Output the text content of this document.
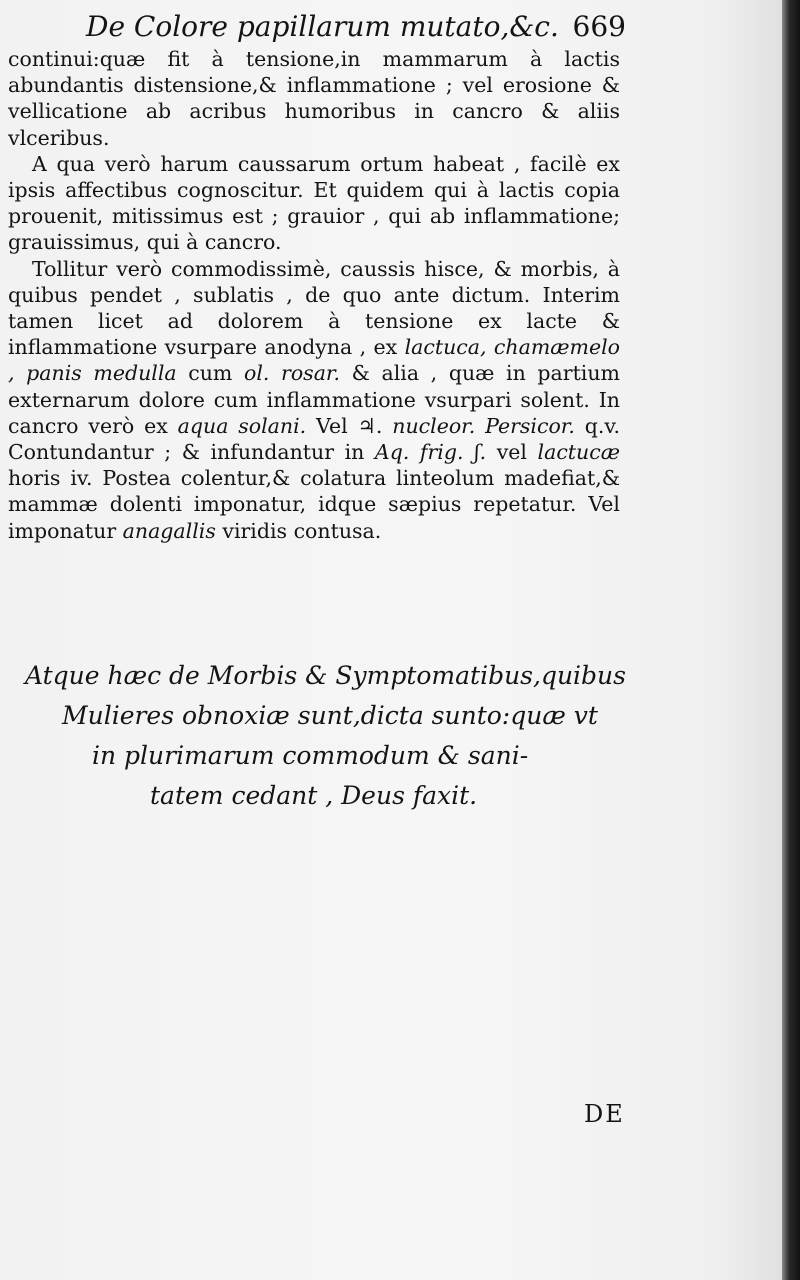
De Colore papillarum mutato,&c. 669

continui:quæ fit à tensione,in mammarum à lactis abundantis distensione,& inflammatione ; vel erosione & vellicatione ab acribus humoribus in cancro & aliis vlceribus.

A qua verò harum caussarum ortum habeat , facilè ex ipsis affectibus cognoscitur. Et quidem qui à lactis copia prouenit, mitissimus est ; grauior , qui ab inflammatione; grauissimus, qui à cancro.

Tollitur verò commodissimè, caussis hisce, & morbis, à quibus pendet , sublatis , de quo ante dictum. Interim tamen licet ad dolorem à tensione ex lacte & inflammatione vsurpare anodyna , ex lactuca, chamæmelo , panis medulla cum ol. rosar. & alia , quæ in partium externarum dolore cum inflammatione vsurpari solent. In cancro verò ex aqua solani. Vel ♃. nucleor. Persicor. q.v. Contundantur ; & infundantur in Aq. frig. ʃ. vel lactucæ horis iv. Postea colentur,& colatura linteolum madefiat,& mammæ dolenti imponatur, idque sæpius repetatur. Vel imponatur anagallis viridis contusa.

Atque hæc de Morbis & Symptomatibus,quibus
Mulieres obnoxiæ sunt,dicta sunto:quæ vt
in plurimarum commodum & sani-
tatem cedant , Deus faxit.
DE
